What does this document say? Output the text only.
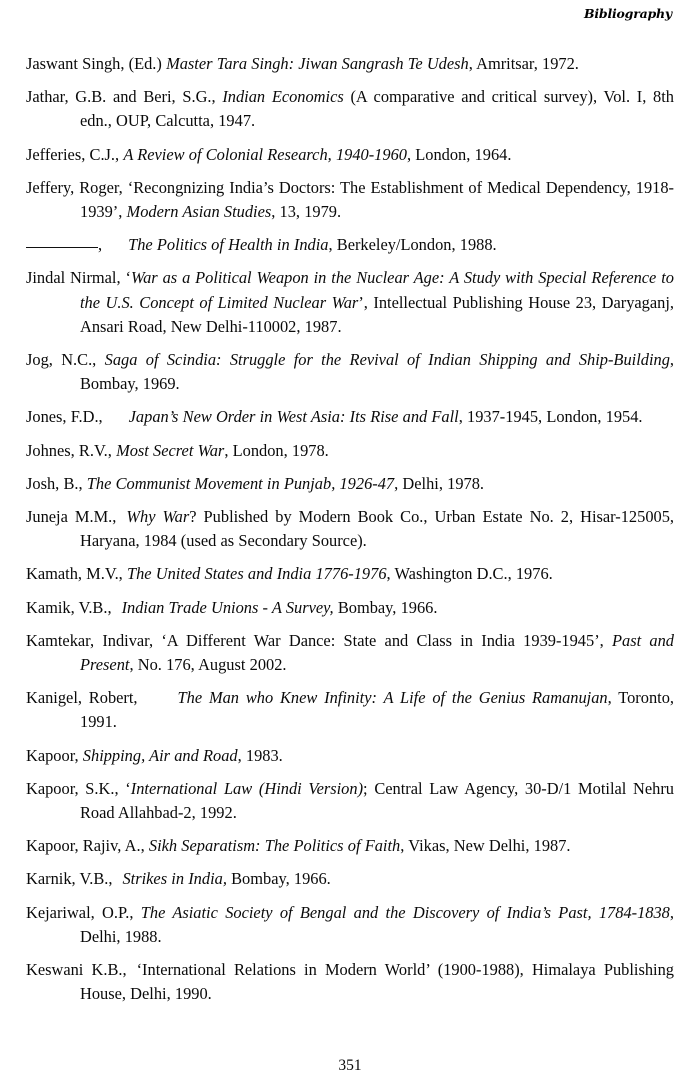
Bibliography

Jaswant Singh, (Ed.) Master Tara Singh: Jiwan Sangrash Te Udesh, Amritsar, 1972.

Jathar, G.B. and Beri, S.G., Indian Economics (A comparative and critical survey), Vol. I, 8th edn., OUP, Calcutta, 1947.

Jefferies, C.J., A Review of Colonial Research, 1940-1960, London, 1964.

Jeffery, Roger, ‘Recongnizing India’s Doctors: The Establishment of Medical Dependency, 1918-1939’, Modern Asian Studies, 13, 1979.

, The Politics of Health in India, Berkeley/London, 1988.

Jindal Nirmal, ‘War as a Political Weapon in the Nuclear Age: A Study with Special Reference to the U.S. Concept of Limited Nuclear War’, Intellectual Publishing House 23, Daryaganj, Ansari Road, New Delhi-110002, 1987.

Jog, N.C., Saga of Scindia: Struggle for the Revival of Indian Shipping and Ship-Building, Bombay, 1969.

Jones, F.D., Japan’s New Order in West Asia: Its Rise and Fall, 1937-1945, London, 1954.

Johnes, R.V., Most Secret War, London, 1978.

Josh, B., The Communist Movement in Punjab, 1926-47, Delhi, 1978.

Juneja M.M., Why War? Published by Modern Book Co., Urban Estate No. 2, Hisar-125005, Haryana, 1984 (used as Secondary Source).

Kamath, M.V., The United States and India 1776-1976, Washington D.C., 1976.

Kamik, V.B., Indian Trade Unions - A Survey, Bombay, 1966.

Kamtekar, Indivar, ‘A Different War Dance: State and Class in India 1939-1945’, Past and Present, No. 176, August 2002.

Kanigel, Robert, The Man who Knew Infinity: A Life of the Genius Ramanujan, Toronto, 1991.

Kapoor, Shipping, Air and Road, 1983.

Kapoor, S.K., ‘International Law (Hindi Version); Central Law Agency, 30-D/1 Motilal Nehru Road Allahbad-2, 1992.

Kapoor, Rajiv, A., Sikh Separatism: The Politics of Faith, Vikas, New Delhi, 1987.

Karnik, V.B., Strikes in India, Bombay, 1966.

Kejariwal, O.P., The Asiatic Society of Bengal and the Discovery of India’s Past, 1784-1838, Delhi, 1988.

Keswani K.B., ‘International Relations in Modern World’ (1900-1988), Himalaya Publishing House, Delhi, 1990.

351
